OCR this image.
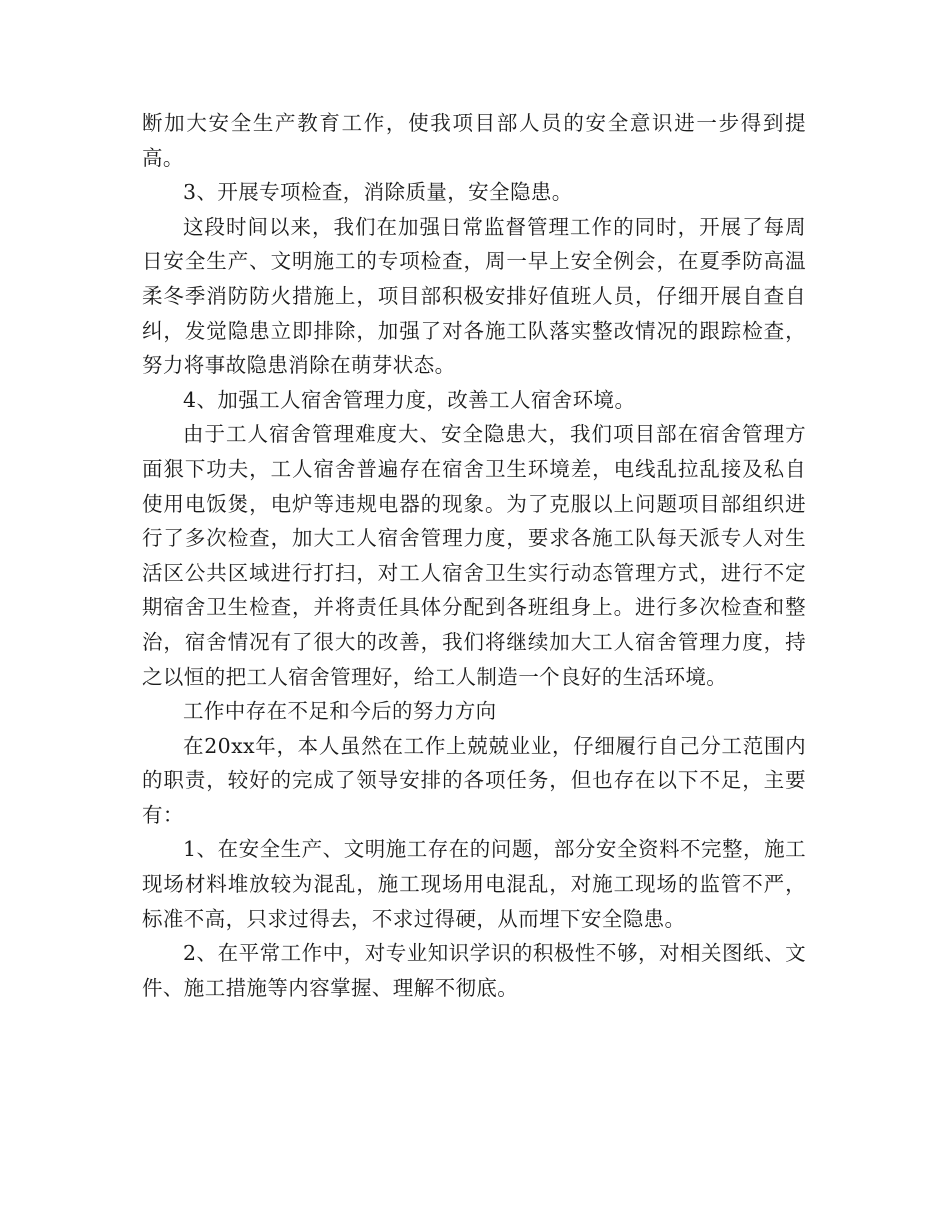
断加大安全生产教育工作，使我项目部人员的安全意识进一步得到提高。

3、开展专项检查，消除质量，安全隐患。

这段时间以来，我们在加强日常监督管理工作的同时，开展了每周日安全生产、文明施工的专项检查，周一早上安全例会，在夏季防高温柔冬季消防防火措施上，项目部积极安排好值班人员，仔细开展自查自纠，发觉隐患立即排除，加强了对各施工队落实整改情况的跟踪检查，努力将事故隐患消除在萌芽状态。

4、加强工人宿舍管理力度，改善工人宿舍环境。

由于工人宿舍管理难度大、安全隐患大，我们项目部在宿舍管理方面狠下功夫，工人宿舍普遍存在宿舍卫生环境差，电线乱拉乱接及私自使用电饭煲，电炉等违规电器的现象。为了克服以上问题项目部组织进行了多次检查，加大工人宿舍管理力度，要求各施工队每天派专人对生活区公共区域进行打扫，对工人宿舍卫生实行动态管理方式，进行不定期宿舍卫生检查，并将责任具体分配到各班组身上。进行多次检查和整治，宿舍情况有了很大的改善，我们将继续加大工人宿舍管理力度，持之以恒的把工人宿舍管理好，给工人制造一个良好的生活环境。

工作中存在不足和今后的努力方向

在20xx年，本人虽然在工作上兢兢业业，仔细履行自己分工范围内的职责，较好的完成了领导安排的各项任务，但也存在以下不足，主要有：

1、在安全生产、文明施工存在的问题，部分安全资料不完整，施工现场材料堆放较为混乱，施工现场用电混乱，对施工现场的监管不严，标准不高，只求过得去，不求过得硬，从而埋下安全隐患。

2、在平常工作中，对专业知识学识的积极性不够，对相关图纸、文件、施工措施等内容掌握、理解不彻底。
